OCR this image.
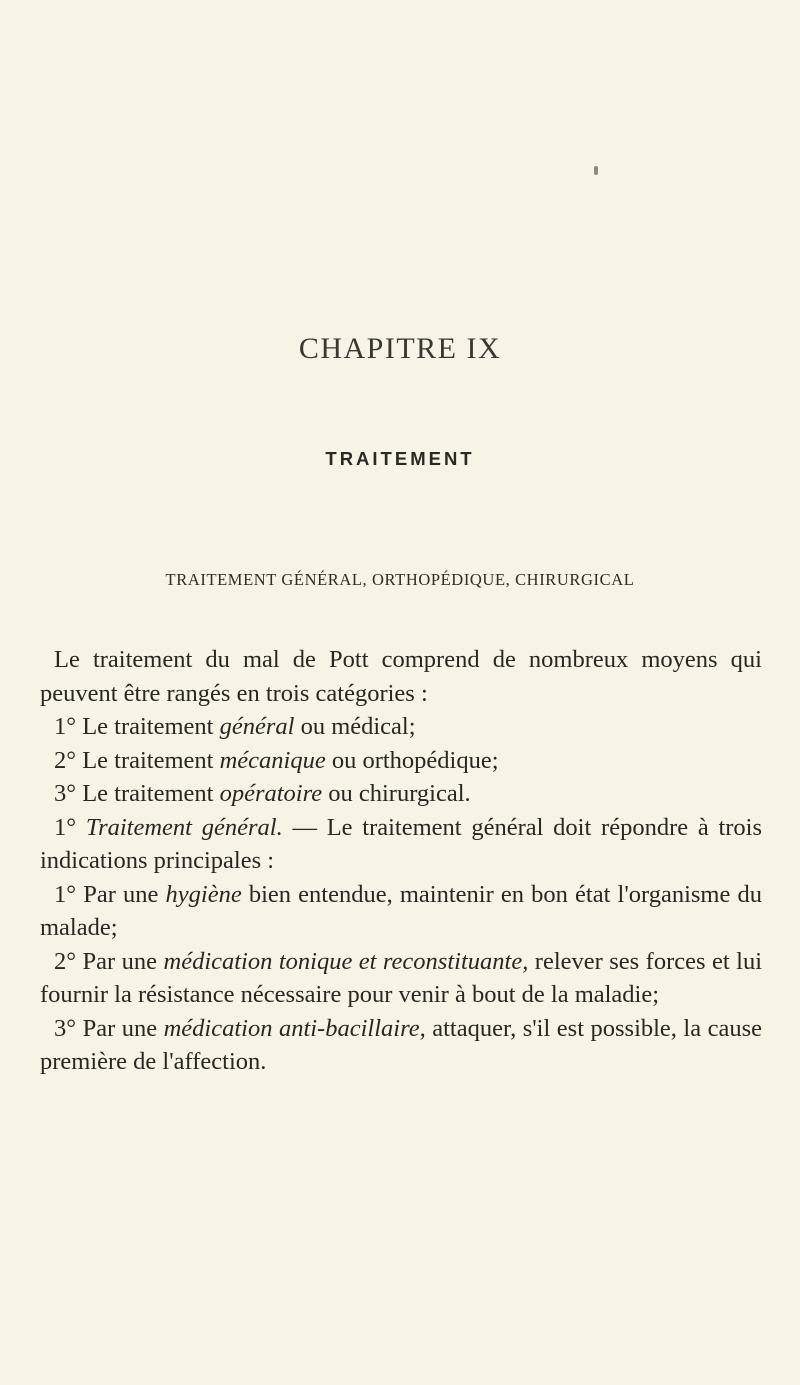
CHAPITRE IX
TRAITEMENT
TRAITEMENT GÉNÉRAL, ORTHOPÉDIQUE, CHIRURGICAL

Le traitement du mal de Pott comprend de nombreux moyens qui peuvent être rangés en trois catégories :

1° Le traitement général ou médical;

2° Le traitement mécanique ou orthopédique;

3° Le traitement opératoire ou chirurgical.

1° Traitement général. — Le traitement général doit répondre à trois indications principales :

1° Par une hygiène bien entendue, maintenir en bon état l'organisme du malade;

2° Par une médication tonique et reconstituante, relever ses forces et lui fournir la résistance nécessaire pour venir à bout de la maladie;

3° Par une médication anti-bacillaire, attaquer, s'il est possible, la cause première de l'affection.
